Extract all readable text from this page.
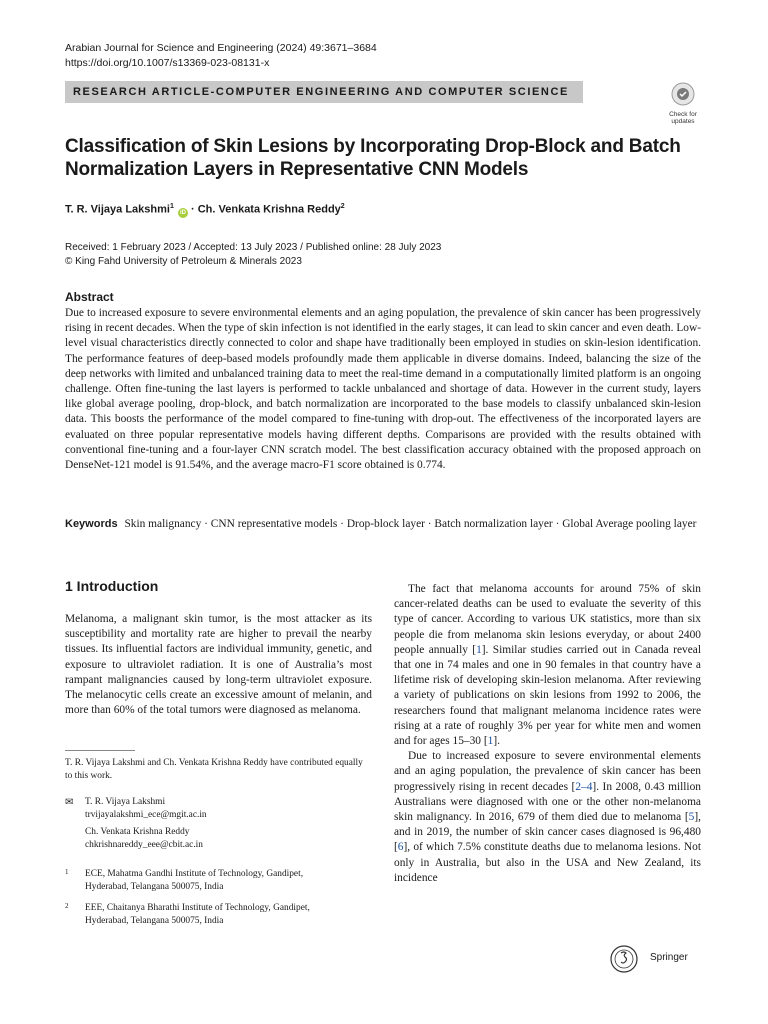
Arabian Journal for Science and Engineering (2024) 49:3671–3684
https://doi.org/10.1007/s13369-023-08131-x
RESEARCH ARTICLE-COMPUTER ENGINEERING AND COMPUTER SCIENCE
Check for
updates
Classification of Skin Lesions by Incorporating Drop-Block and Batch Normalization Layers in Representative CNN Models
T. R. Vijaya Lakshmi$^1$ iD · Ch. Venkata Krishna Reddy$^2$
Received: 1 February 2023 / Accepted: 13 July 2023 / Published online: 28 July 2023
© King Fahd University of Petroleum & Minerals 2023
Abstract
Due to increased exposure to severe environmental elements and an aging population, the prevalence of skin cancer has been progressively rising in recent decades. When the type of skin infection is not identified in the early stages, it can lead to skin cancer and even death. Low-level visual characteristics directly connected to color and shape have traditionally been employed in studies on skin-lesion identification. The performance features of deep-based models profoundly made them applicable in diverse domains. Indeed, balancing the size of the deep networks with limited and unbalanced training data to meet the real-time demand in a computationally limited platform is an ongoing challenge. Often fine-tuning the last layers is performed to tackle unbalanced and shortage of data. However in the current study, layers like global average pooling, drop-block, and batch normalization are incorporated to the base models to classify unbalanced skin-lesion data. This boosts the performance of the model compared to fine-tuning with drop-out. The effectiveness of the incorporated layers are evaluated on three popular representative models having different depths. Comparisons are provided with the results obtained with conventional fine-tuning and a four-layer CNN scratch model. The best classification accuracy obtained with the proposed approach on DenseNet-121 model is 91.54%, and the average macro-F1 score obtained is 0.774.
Keywords Skin malignancy · CNN representative models · Drop-block layer · Batch normalization layer · Global Average pooling layer
1 Introduction
Melanoma, a malignant skin tumor, is the most attacker as its susceptibility and mortality rate are higher to prevail the nearby tissues. Its influential factors are individual immunity, genetic, and exposure to ultraviolet radiation. It is one of Australia’s most rampant malignancies caused by long-term ultraviolet exposure. The melanocytic cells create an excessive amount of melanin, and more than 60% of the total tumors were diagnosed as melanoma.
T. R. Vijaya Lakshmi and Ch. Venkata Krishna Reddy have contributed equally to this work.
✉ T. R. Vijaya Lakshmi
trvijayalakshmi_ece@mgit.ac.in
Ch. Venkata Krishna Reddy
chkrishnareddy_eee@cbit.ac.in
1 ECE, Mahatma Gandhi Institute of Technology, Gandipet,
Hyderabad, Telangana 500075, India
2 EEE, Chaitanya Bharathi Institute of Technology, Gandipet,
Hyderabad, Telangana 500075, India

The fact that melanoma accounts for around 75% of skin cancer-related deaths can be used to evaluate the severity of this type of cancer. According to various UK statistics, more than six people die from melanoma skin lesions everyday, or about 2400 people annually [1]. Similar studies carried out in Canada reveal that one in 74 males and one in 90 females in that country have a lifetime risk of developing skin-lesion melanoma. After reviewing a variety of publications on skin lesions from 1992 to 2006, the researchers found that malignant melanoma incidence rates were rising at a rate of roughly 3% per year for white men and women and for ages 15–30 [1].

Due to increased exposure to severe environmental elements and an aging population, the prevalence of skin cancer has been progressively rising in recent decades [2–4]. In 2008, 0.43 million Australians were diagnosed with one or the other non-melanoma skin malignancy. In 2016, 679 of them died due to melanoma [5], and in 2019, the number of skin cancer cases diagnosed is 96,480 [6], of which 7.5% constitute deaths due to melanoma lesions. Not only in Australia, but also in the USA and New Zealand, its incidence

Springer
